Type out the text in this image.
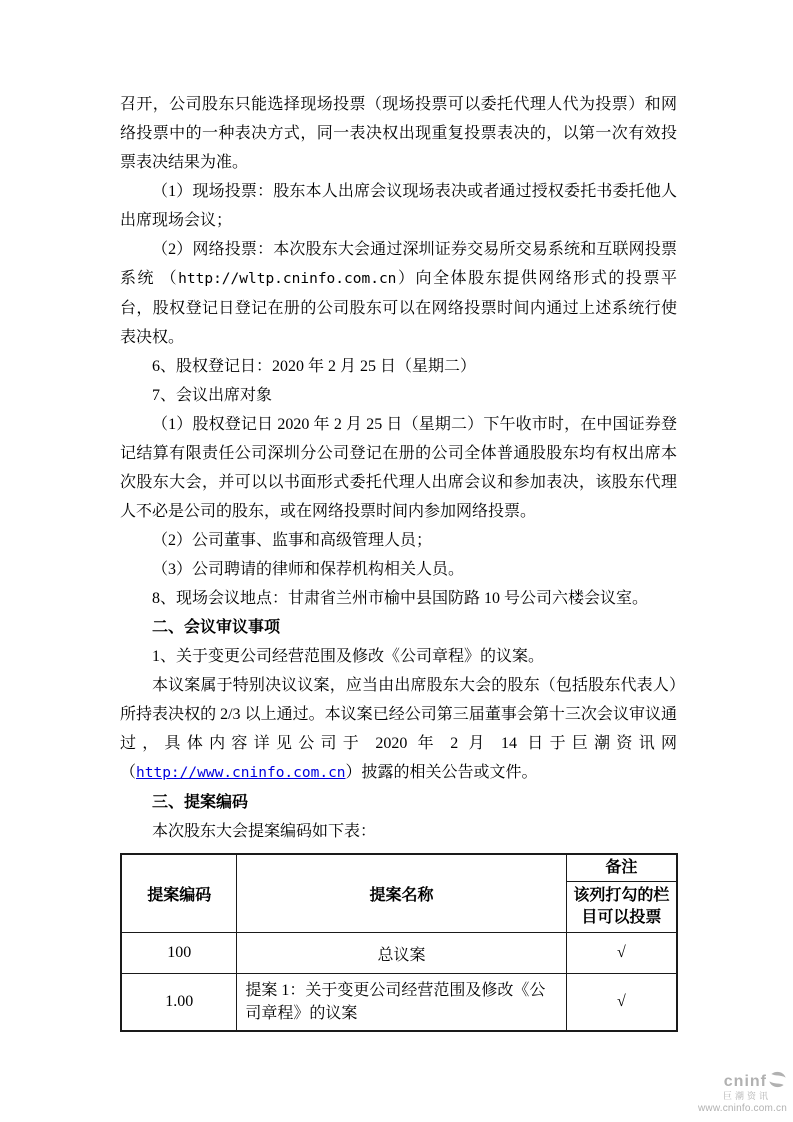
召开，公司股东只能选择现场投票（现场投票可以委托代理人代为投票）和网络投票中的一种表决方式，同一表决权出现重复投票表决的，以第一次有效投票表决结果为准。

（1）现场投票：股东本人出席会议现场表决或者通过授权委托书委托他人出席现场会议；

（2）网络投票：本次股东大会通过深圳证券交易所交易系统和互联网投票系统 （http://wltp.cninfo.com.cn）向全体股东提供网络形式的投票平台，股权登记日登记在册的公司股东可以在网络投票时间内通过上述系统行使表决权。

6、股权登记日：2020 年 2 月 25 日（星期二）

7、会议出席对象

（1）股权登记日 2020 年 2 月 25 日（星期二）下午收市时，在中国证券登记结算有限责任公司深圳分公司登记在册的公司全体普通股股东均有权出席本次股东大会，并可以以书面形式委托代理人出席会议和参加表决，该股东代理人不必是公司的股东，或在网络投票时间内参加网络投票。

（2）公司董事、监事和高级管理人员；

（3）公司聘请的律师和保荐机构相关人员。

8、现场会议地点：甘肃省兰州市榆中县国防路 10 号公司六楼会议室。

二、会议审议事项

1、关于变更公司经营范围及修改《公司章程》的议案。

本议案属于特别决议议案，应当由出席股东大会的股东（包括股东代表人）所持表决权的 2/3 以上通过。本议案已经公司第三届董事会第十三次会议审议通过，具体内容详见公司于 2020 年 2 月 14 日于巨潮资讯网（http://www.cninfo.com.cn）披露的相关公告或文件。

三、提案编码

本次股东大会提案编码如下表：

提案编码	提案名称	备注
		该列打勾的栏目可以投票
100	总议案	√
1.00	提案 1：关于变更公司经营范围及修改《公司章程》的议案	√
cninf
巨潮资讯
www.cninfo.com.cn
